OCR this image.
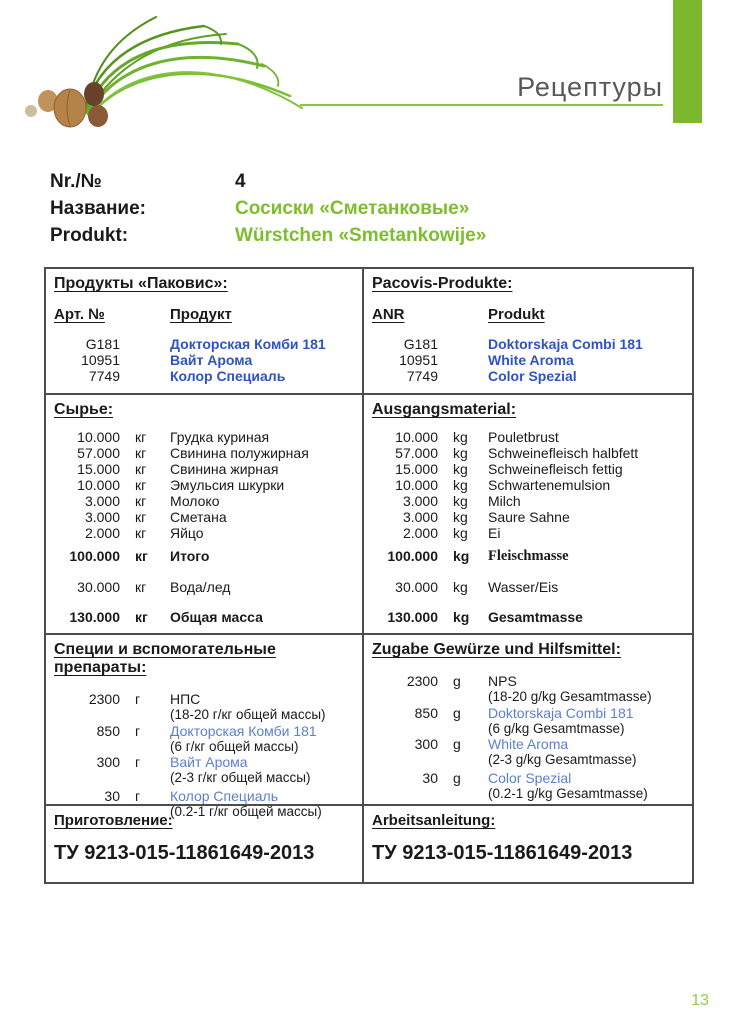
Рецептуры
Nr./№	4
Название:	Сосиски «Сметанковые»
Produkt:	Würstchen «Smetankowije»
Продукты «Паковис»:
Арт. №	Продукт
G181	Докторская Комби 181
10951	Вайт Арома
7749	Колор Специаль
Pacovis-Produkte:
ANR	Produkt
G181	Doktorskaja Combi 181
10951	White Aroma
7749	Color Spezial
Сырье:
10.000	кг	Грудка куриная
57.000	кг	Свинина полужирная
15.000	кг	Свинина жирная
10.000	кг	Эмульсия шкурки
3.000	кг	Молоко
3.000	кг	Сметана
2.000	кг	Яйцо
100.000	кг	Итого
30.000	кг	Вода/лед
130.000	кг	Общая масса
Ausgangsmaterial:
10.000	kg	Pouletbrust
57.000	kg	Schweinefleisch halbfett
15.000	kg	Schweinefleisch fettig
10.000	kg	Schwartenemulsion
3.000	kg	Milch
3.000	kg	Saure Sahne
2.000	kg	Ei
100.000	kg	Fleischmasse
30.000	kg	Wasser/Eis
130.000	kg	Gesamtmasse
Специи и вспомогательные препараты:
2300	г	НПС
(18-20 г/кг общей массы)
850	г	Докторская Комби 181
(6 г/кг общей массы)
300	г	Вайт Арома
(2-3 г/кг общей массы)
30	г	Колор Специаль
(0.2-1 г/кг общей массы)
Zugabe Gewürze und Hilfsmittel:
2300	g	NPS
(18-20 g/kg Gesamtmasse)
850	g	Doktorskaja Combi 181
(6 g/kg Gesamtmasse)
300	g	White Aroma
(2-3 g/kg Gesamtmasse)
30	g	Color Spezial
(0.2-1 g/kg Gesamtmasse)
Приготовление:
ТУ 9213-015-11861649-2013
Arbeitsanleitung:
ТУ 9213-015-11861649-2013
13
